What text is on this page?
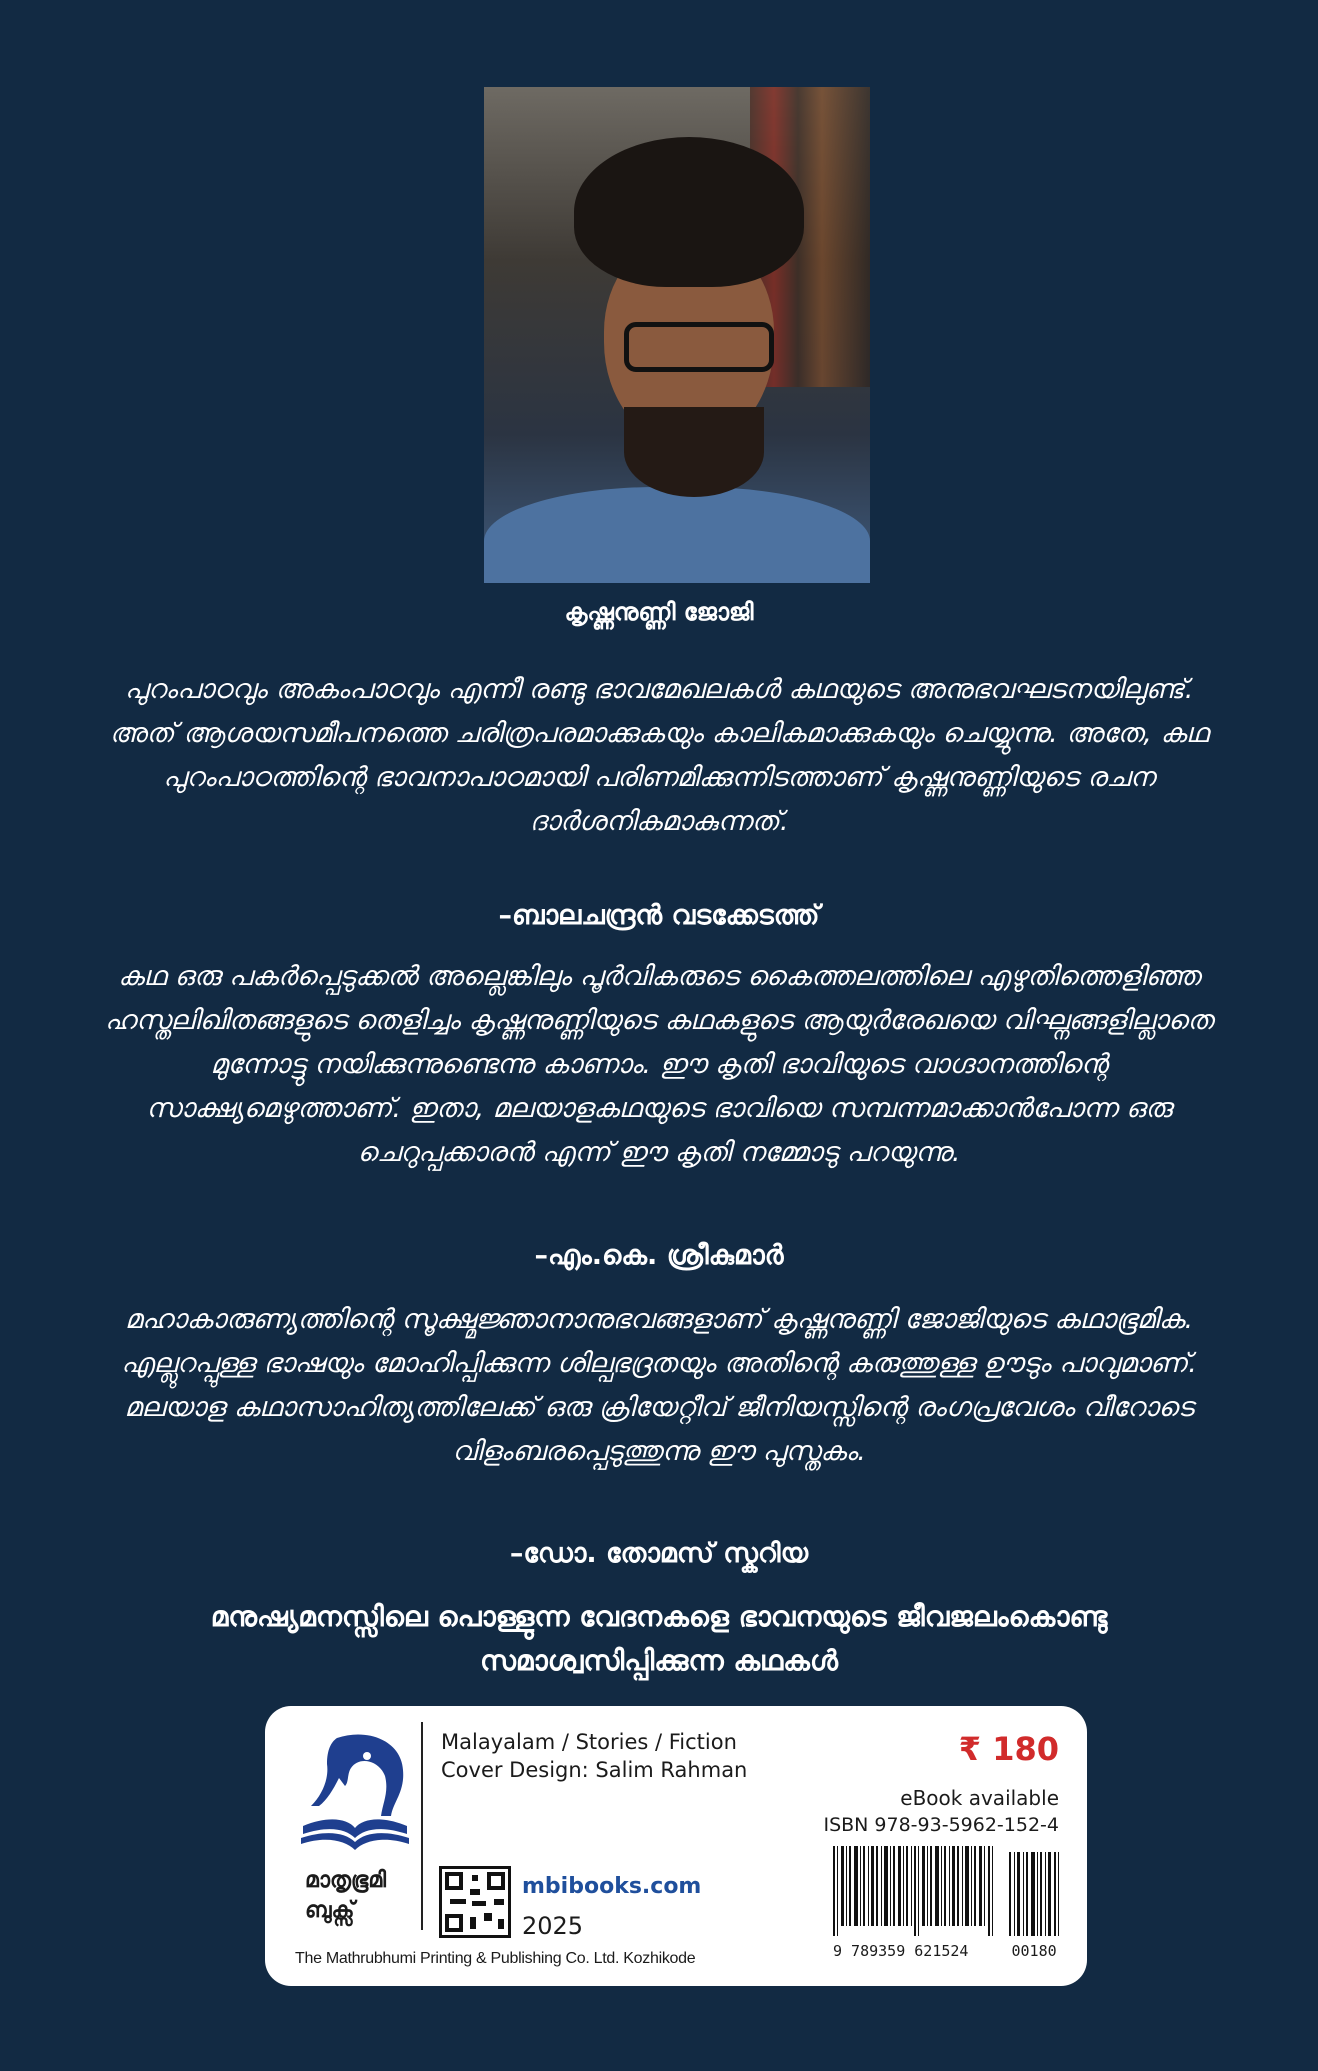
കൃഷ്ണനുണ്ണി ജോജി
പുറംപാഠവും അകംപാഠവും എന്നീ രണ്ടു ഭാവമേഖലകൾ കഥയുടെ അനുഭവഘടനയിലുണ്ട്. അത് ആശയസമീപനത്തെ ചരിത്രപരമാക്കുകയും കാലികമാക്കുകയും ചെയ്യുന്നു. അതേ, കഥ പുറംപാഠത്തിന്റെ ഭാവനാപാഠമായി പരിണമിക്കുന്നിടത്താണ് കൃഷ്ണനുണ്ണിയുടെ രചന ദാർശനികമാകുന്നത്.
–ബാലചന്ദ്രൻ വടക്കേടത്ത്
കഥ ഒരു പകർപ്പെടുക്കൽ അല്ലെങ്കിലും പൂർവികരുടെ കൈത്തലത്തിലെ എഴുതിത്തെളിഞ്ഞ ഹസ്തലിഖിതങ്ങളുടെ തെളിച്ചം കൃഷ്ണനുണ്ണിയുടെ കഥകളുടെ ആയുർരേഖയെ വിഘ്നങ്ങളില്ലാതെ മുന്നോട്ടു നയിക്കുന്നുണ്ടെന്നു കാണാം. ഈ കൃതി ഭാവിയുടെ വാഗ്ദാനത്തിന്റെ സാക്ഷ്യമെഴുത്താണ്. ഇതാ, മലയാളകഥയുടെ ഭാവിയെ സമ്പന്നമാക്കാൻപോന്ന ഒരു ചെറുപ്പക്കാരൻ എന്ന് ഈ കൃതി നമ്മോടു പറയുന്നു.
–എം.കെ. ശ്രീകുമാർ
മഹാകാരുണ്യത്തിന്റെ സൂക്ഷ്മജ്ഞാനാനുഭവങ്ങളാണ് കൃഷ്ണനുണ്ണി ജോജിയുടെ കഥാഭൂമിക. എല്ലുറപ്പുള്ള ഭാഷയും മോഹിപ്പിക്കുന്ന ശില്പഭദ്രതയും അതിന്റെ കരുത്തുള്ള ഊടും പാവുമാണ്. മലയാള കഥാസാഹിത്യത്തിലേക്ക് ഒരു ക്രിയേറ്റീവ് ജീനിയസ്സിന്റെ രംഗപ്രവേശം വീറോടെ വിളംബരപ്പെടുത്തുന്നു ഈ പുസ്തകം.
–ഡോ. തോമസ് സ്കറിയ
മനുഷ്യമനസ്സിലെ പൊള്ളുന്ന വേദനകളെ ഭാവനയുടെ ജീവജലംകൊണ്ടു സമാശ്വസിപ്പിക്കുന്ന കഥകൾ
മാതൃഭൂമി ബുക്സ്
Malayalam / Stories / Fiction
Cover Design: Salim Rahman
mbibooks.com
2025
The Mathrubhumi Printing & Publishing Co. Ltd. Kozhikode
₹ 180
eBook available
ISBN 978-93-5962-152-4
9 789359 621524	00180
